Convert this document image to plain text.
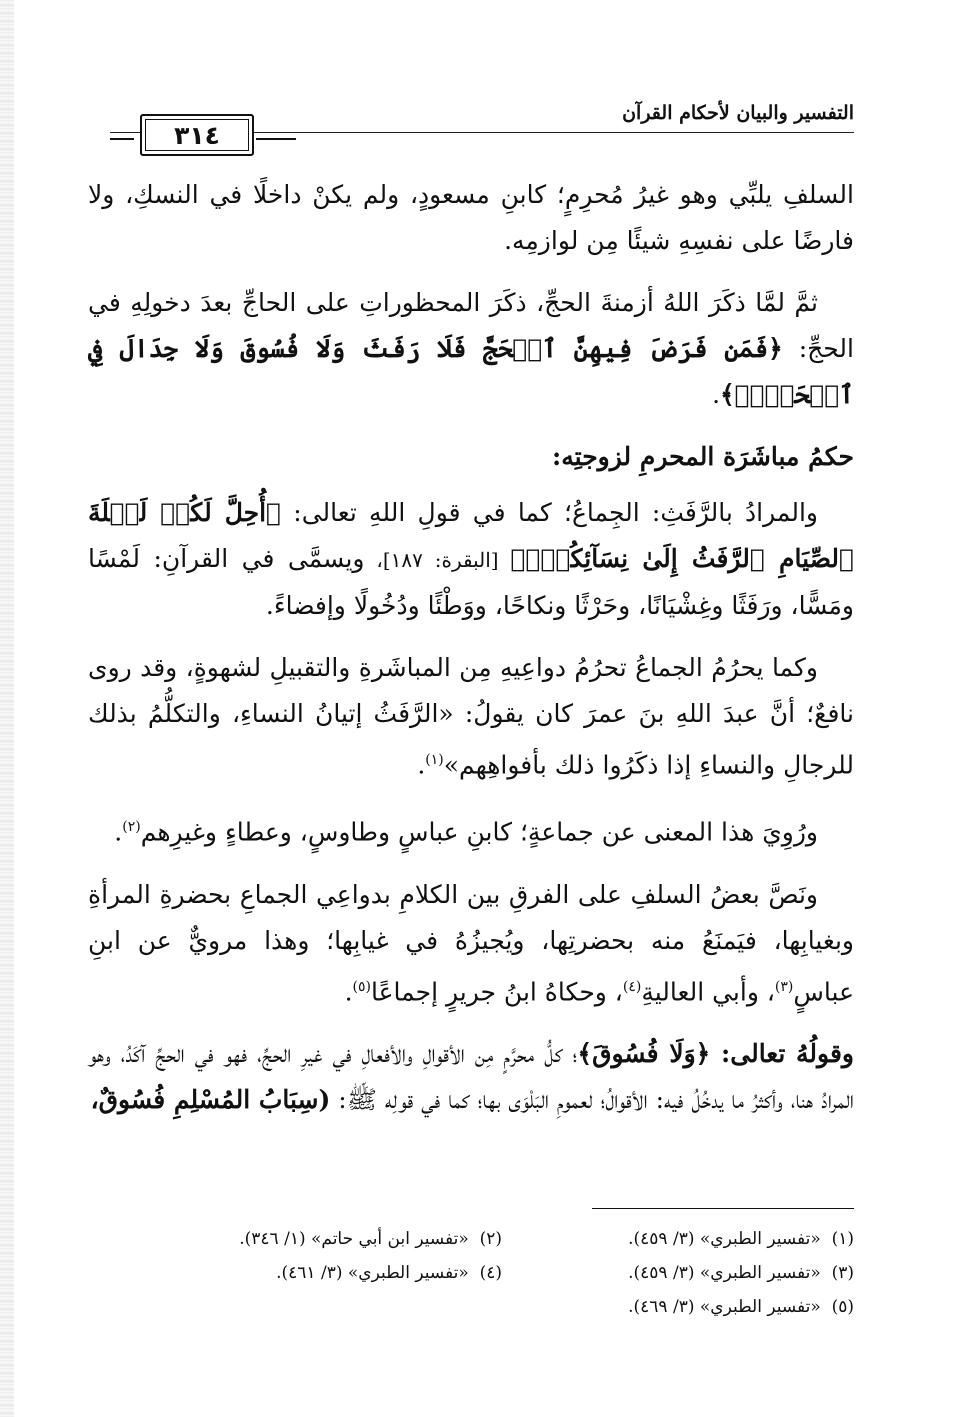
التفسير والبيان لأحكام القرآن
٣١٤

السلفِ يلبِّي وهو غيرُ مُحرِمٍ؛ كابنِ مسعودٍ، ولم يكنْ داخلًا في النسكِ، ولا فارضًا على نفسِهِ شيئًا مِن لوازمِه.

ثمَّ لمَّا ذكَرَ اللهُ أزمنةَ الحجِّ، ذكَرَ المحظوراتِ على الحاجِّ بعدَ دخولِهِ في الحجِّ: ﴿فَمَن فَرَضَ فِيهِنَّ ٱلۡحَجَّ فَلَا رَفَثَ وَلَا فُسُوقَ وَلَا جِدَالَ فِي ٱلۡحَجِّۗ﴾.

حكمُ مباشَرَة المحرمِ لزوجتِه:

والمرادُ بالرَّفَثِ: الجِماعُ؛ كما في قولِ اللهِ تعالى: ﴿أُحِلَّ لَكُمۡ لَيۡلَةَ ٱلصِّيَامِ ٱلرَّفَثُ إِلَىٰ نِسَآئِكُمۡۚ﴾ [البقرة: ١٨٧]، ويسمَّى في القرآنِ: لَمْسًا ومَسًّا، ورَفَثًا وغِشْيَانًا، وحَرْثًا ونكاحًا، ووَطْئًا ودُخُولًا وإفضاءً.

وكما يحرُمُ الجماعُ تحرُمُ دواعِيهِ مِن المباشَرةِ والتقبيلِ لشهوةٍ، وقد روى نافعٌ؛ أنَّ عبدَ اللهِ بنَ عمرَ كان يقولُ: «الرَّفَثُ إتيانُ النساءِ، والتكلُّمُ بذلك للرجالِ والنساءِ إذا ذكَرُوا ذلك بأفواهِهم»$^{(١)}$.

ورُوِيَ هذا المعنى عن جماعةٍ؛ كابنِ عباسٍ وطاوسٍ، وعطاءٍ وغيرِهم$^{(٢)}$.

ونَصَّ بعضُ السلفِ على الفرقِ بين الكلامِ بدواعِي الجماعِ بحضرةِ المرأةِ وبغيابِها، فيَمنَعُ منه بحضرتِها، ويُجيزُهُ في غيابِها؛ وهذا مرويٌّ عن ابنِ عباسٍ$^{(٣)}$، وأبي العاليةِ$^{(٤)}$، وحكاهُ ابنُ جريرٍ إجماعًا$^{(٥)}$.

وقولُهُ تعالى: ﴿وَلَا فُسُوقَ﴾؛ كلُّ محرَّمٍ مِن الأقوالِ والأفعالِ في غيرِ الحجِّ، فهو في الحجِّ آكَدُ، وهو المرادُ هنا، وأكثرُ ما يدخُلُ فيه: الأقوالُ؛ لعمومِ البَلْوَى بها؛ كما في قولِه ﷺ: (سِبَابُ المُسْلِمِ فُسُوقٌ،

(١)  «تفسير الطبري» (٣/ ٤٥٩).
(٢)  «تفسير ابن أبي حاتم» (١/ ٣٤٦).
(٣)  «تفسير الطبري» (٣/ ٤٥٩).
(٤)  «تفسير الطبري» (٣/ ٤٦١).
(٥)  «تفسير الطبري» (٣/ ٤٦٩).
